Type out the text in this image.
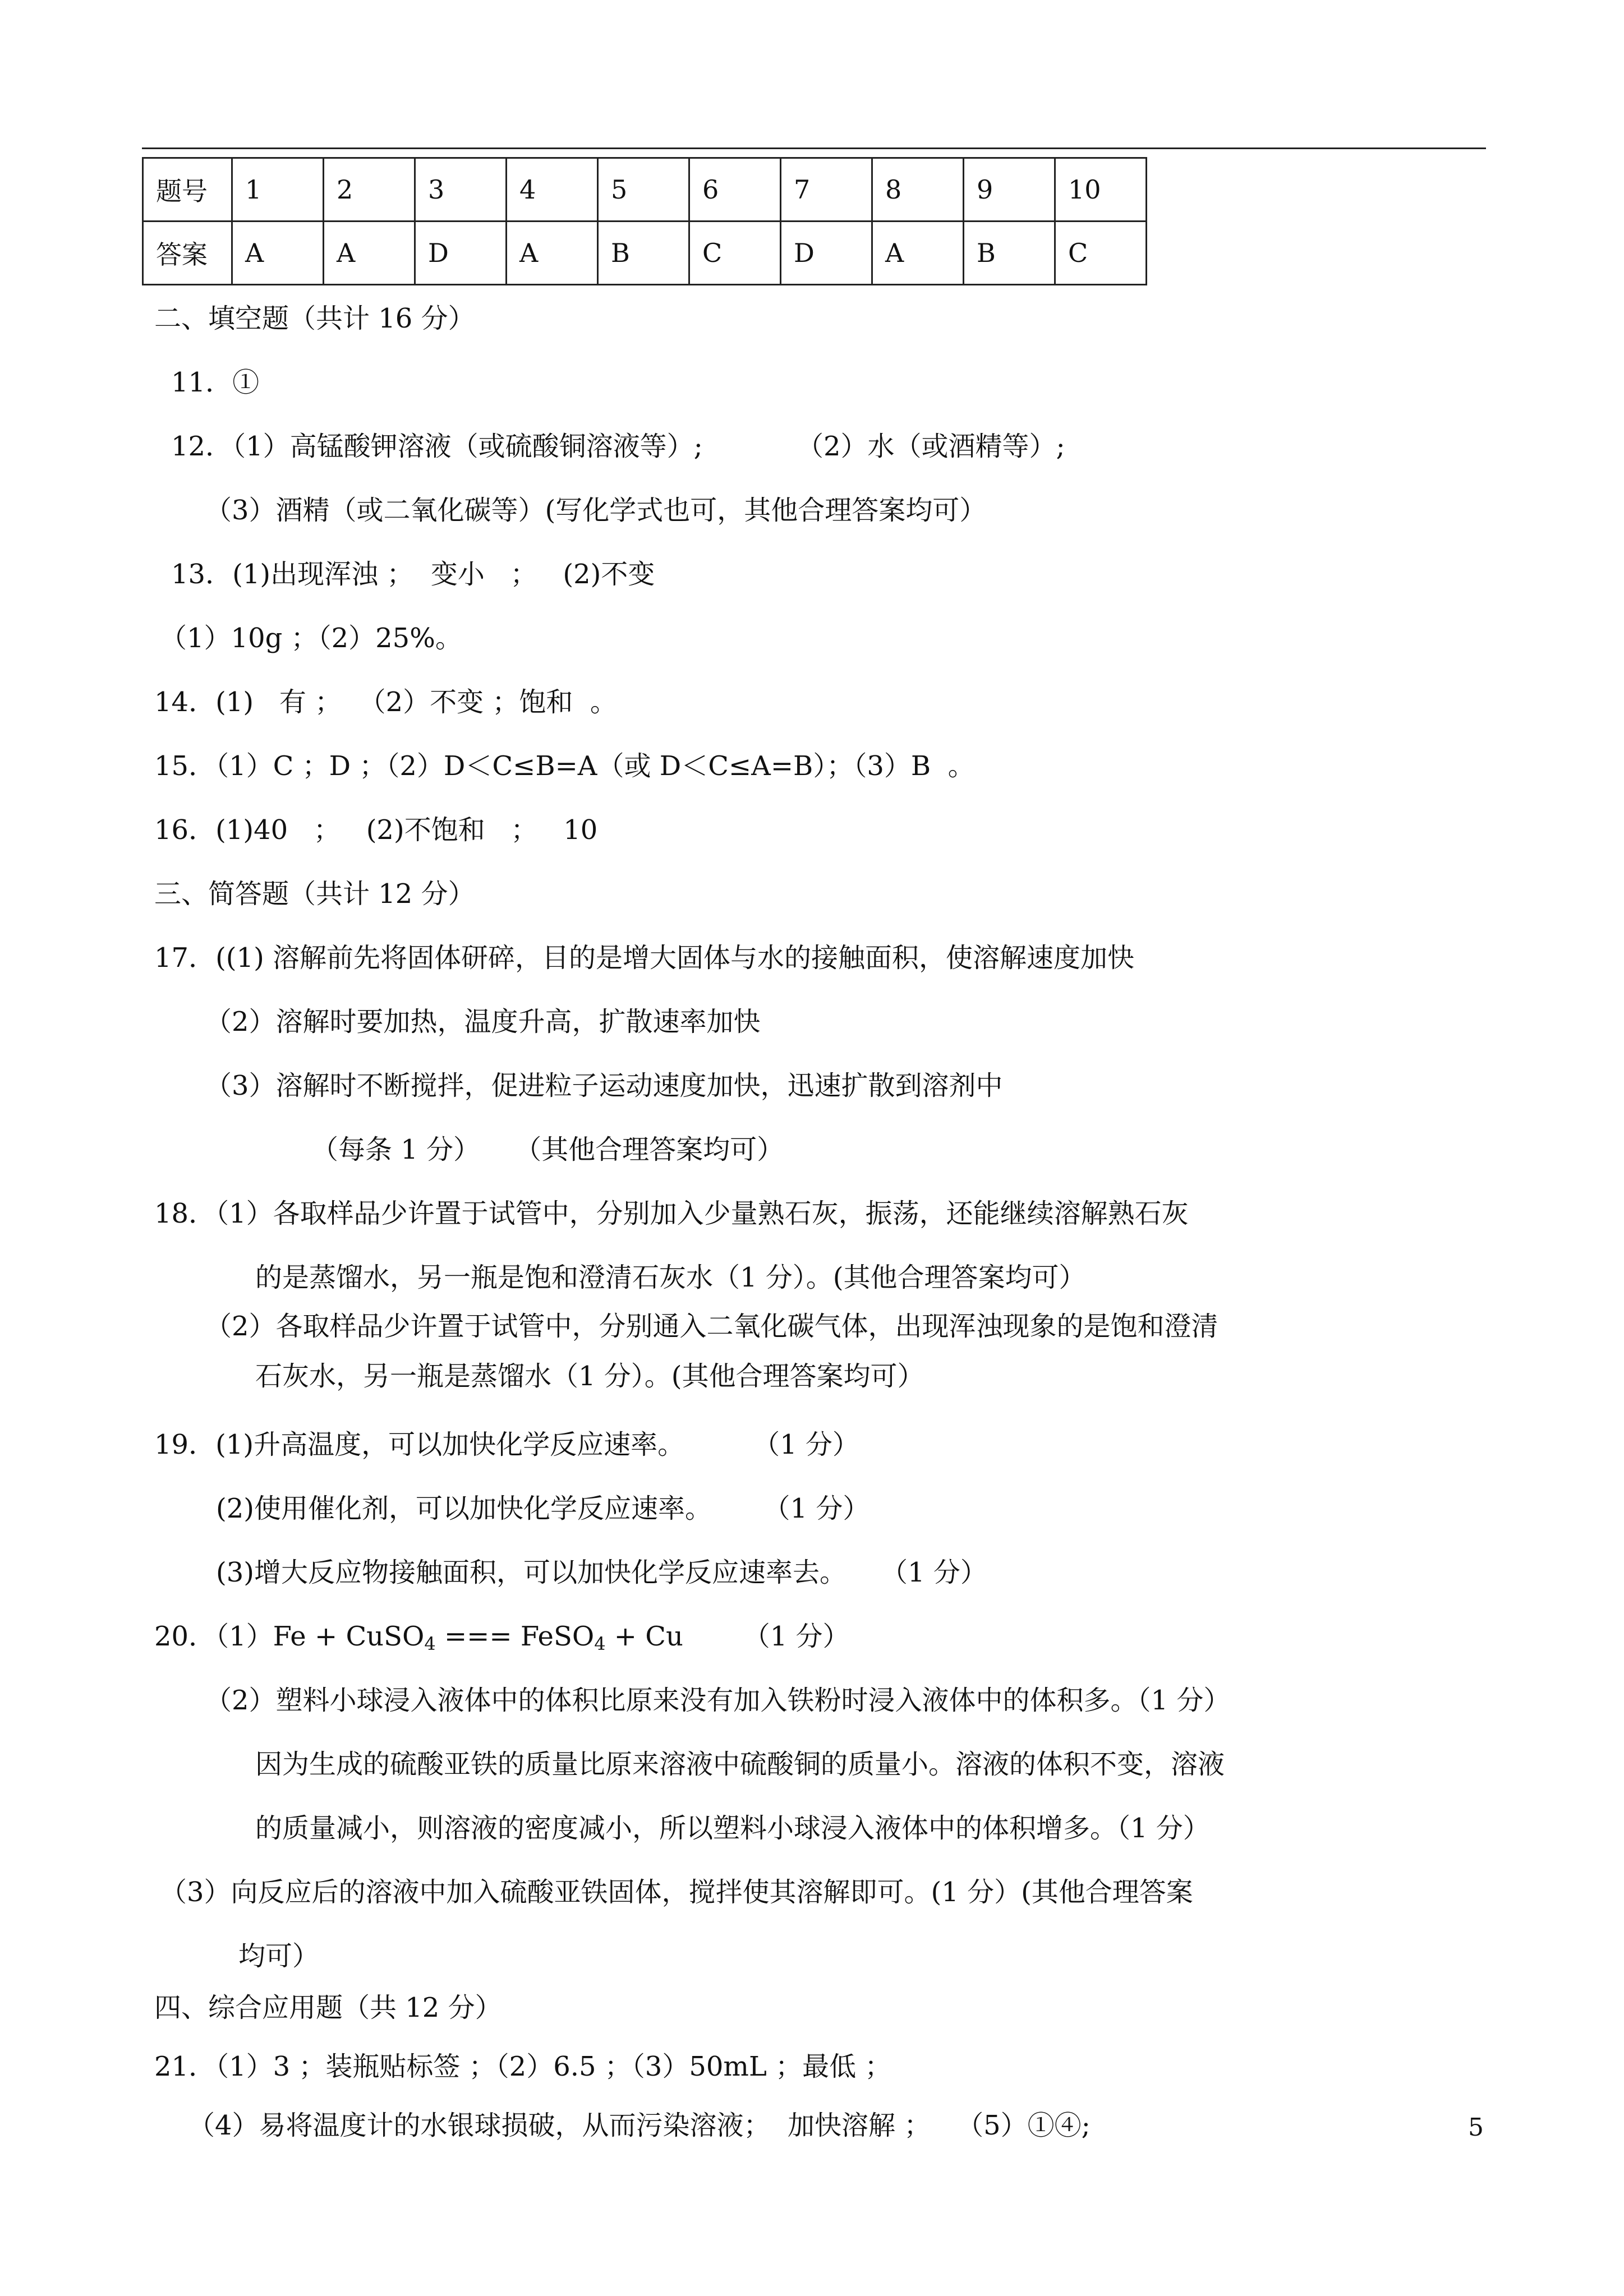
题号	1	2	3	4	5	6	7	8	9	10
答案	A	A	D	A	B	C	D	A	B	C
二、填空题（共计 16 分）
11．①
12．（1）高锰酸钾溶液（或硫酸铜溶液等）;	（2）水（或酒精等）;
（3）酒精（或二氧化碳等）(写化学式也可，其他合理答案均可）
13．(1)出现浑浊 ；  变小   ；   (2)不变
（1）10g ；（2）25%。
14．(1)   有 ；  （2）不变 ；饱和  。
15．（1）C ；D ；（2）D＜C≤B=A（或 D＜C≤A=B）；（3）B  。
16．(1)40   ；   (2)不饱和   ；   10
三、简答题（共计 12 分）
17．((1) 溶解前先将固体研碎，目的是增大固体与水的接触面积，使溶解速度加快
（2）溶解时要加热，温度升高，扩散速率加快
（3）溶解时不断搅拌，促进粒子运动速度加快，迅速扩散到溶剂中
（每条 1 分）    （其他合理答案均可）
18．（1）各取样品少许置于试管中，分别加入少量熟石灰，振荡，还能继续溶解熟石灰
的是蒸馏水，另一瓶是饱和澄清石灰水（1 分）。(其他合理答案均可）
（2）各取样品少许置于试管中，分别通入二氧化碳气体，出现浑浊现象的是饱和澄清
石灰水，另一瓶是蒸馏水（1 分）。(其他合理答案均可）
19．(1)升高温度，可以加快化学反应速率。        （1 分）
(2)使用催化剂，可以加快化学反应速率。      （1 分）
(3)增大反应物接触面积，可以加快化学反应速率去。    （1 分）
20．（1）Fe + CuSO$_4$ === FeSO$_4$ + Cu       （1 分）
（2）塑料小球浸入液体中的体积比原来没有加入铁粉时浸入液体中的体积多。（1 分）
因为生成的硫酸亚铁的质量比原来溶液中硫酸铜的质量小。溶液的体积不变，溶液
的质量减小，则溶液的密度减小，所以塑料小球浸入液体中的体积增多。（1 分）
（3）向反应后的溶液中加入硫酸亚铁固体，搅拌使其溶解即可。(1 分）(其他合理答案
均可）
四、综合应用题（共 12 分）
21．（1）3 ；装瓶贴标签 ；（2）6.5 ；（3）50mL ；最低 ；
（4）易将温度计的水银球损破，从而污染溶液；  加快溶解 ；   （5）①④;	5
